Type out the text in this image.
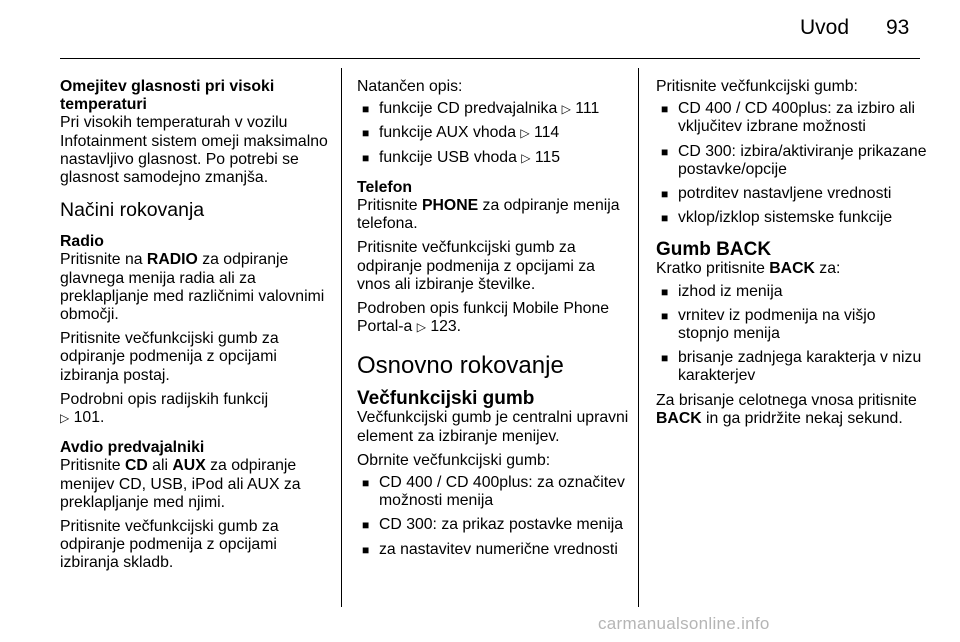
Uvod 93

Omejitev glasnosti pri visoki temperaturi

Pri visokih temperaturah v vozilu Infotainment sistem omeji maksimalno nastavljivo glasnost. Po potrebi se glasnost samodejno zmanjša.

Načini rokovanja

Radio

Pritisnite na RADIO za odpiranje glavnega menija radia ali za preklapljanje med različnimi valovnimi območji.

Pritisnite večfunkcijski gumb za odpiranje podmenija z opcijami izbiranja postaj.

Podrobni opis radijskih funkcij
▷ 101.

Avdio predvajalniki

Pritisnite CD ali AUX za odpiranje menijev CD, USB, iPod ali AUX za preklapljanje med njimi.

Pritisnite večfunkcijski gumb za odpiranje podmenija z opcijami izbiranja skladb.

Natančen opis:

■ funkcije CD predvajalnika ▷ 111
■ funkcije AUX vhoda ▷ 114
■ funkcije USB vhoda ▷ 115

Telefon

Pritisnite PHONE za odpiranje menija telefona.

Pritisnite večfunkcijski gumb za odpiranje podmenija z opcijami za vnos ali izbiranje številke.

Podroben opis funkcij Mobile Phone Portal-a ▷ 123.

Osnovno rokovanje

Večfunkcijski gumb

Večfunkcijski gumb je centralni upravni element za izbiranje menijev.

Obrnite večfunkcijski gumb:

■ CD 400 / CD 400plus: za označitev možnosti menija
■ CD 300: za prikaz postavke menija
■ za nastavitev numerične vrednosti

Pritisnite večfunkcijski gumb:

■ CD 400 / CD 400plus: za izbiro ali vključitev izbrane možnosti
■ CD 300: izbira/aktiviranje prikazane postavke/opcije
■ potrditev nastavljene vrednosti
■ vklop/izklop sistemske funkcije

Gumb BACK

Kratko pritisnite BACK za:

■ izhod iz menija
■ vrnitev iz podmenija na višjo stopnjo menija
■ brisanje zadnjega karakterja v nizu karakterjev

Za brisanje celotnega vnosa pritisnite BACK in ga pridržite nekaj sekund.

carmanualsonline.info
